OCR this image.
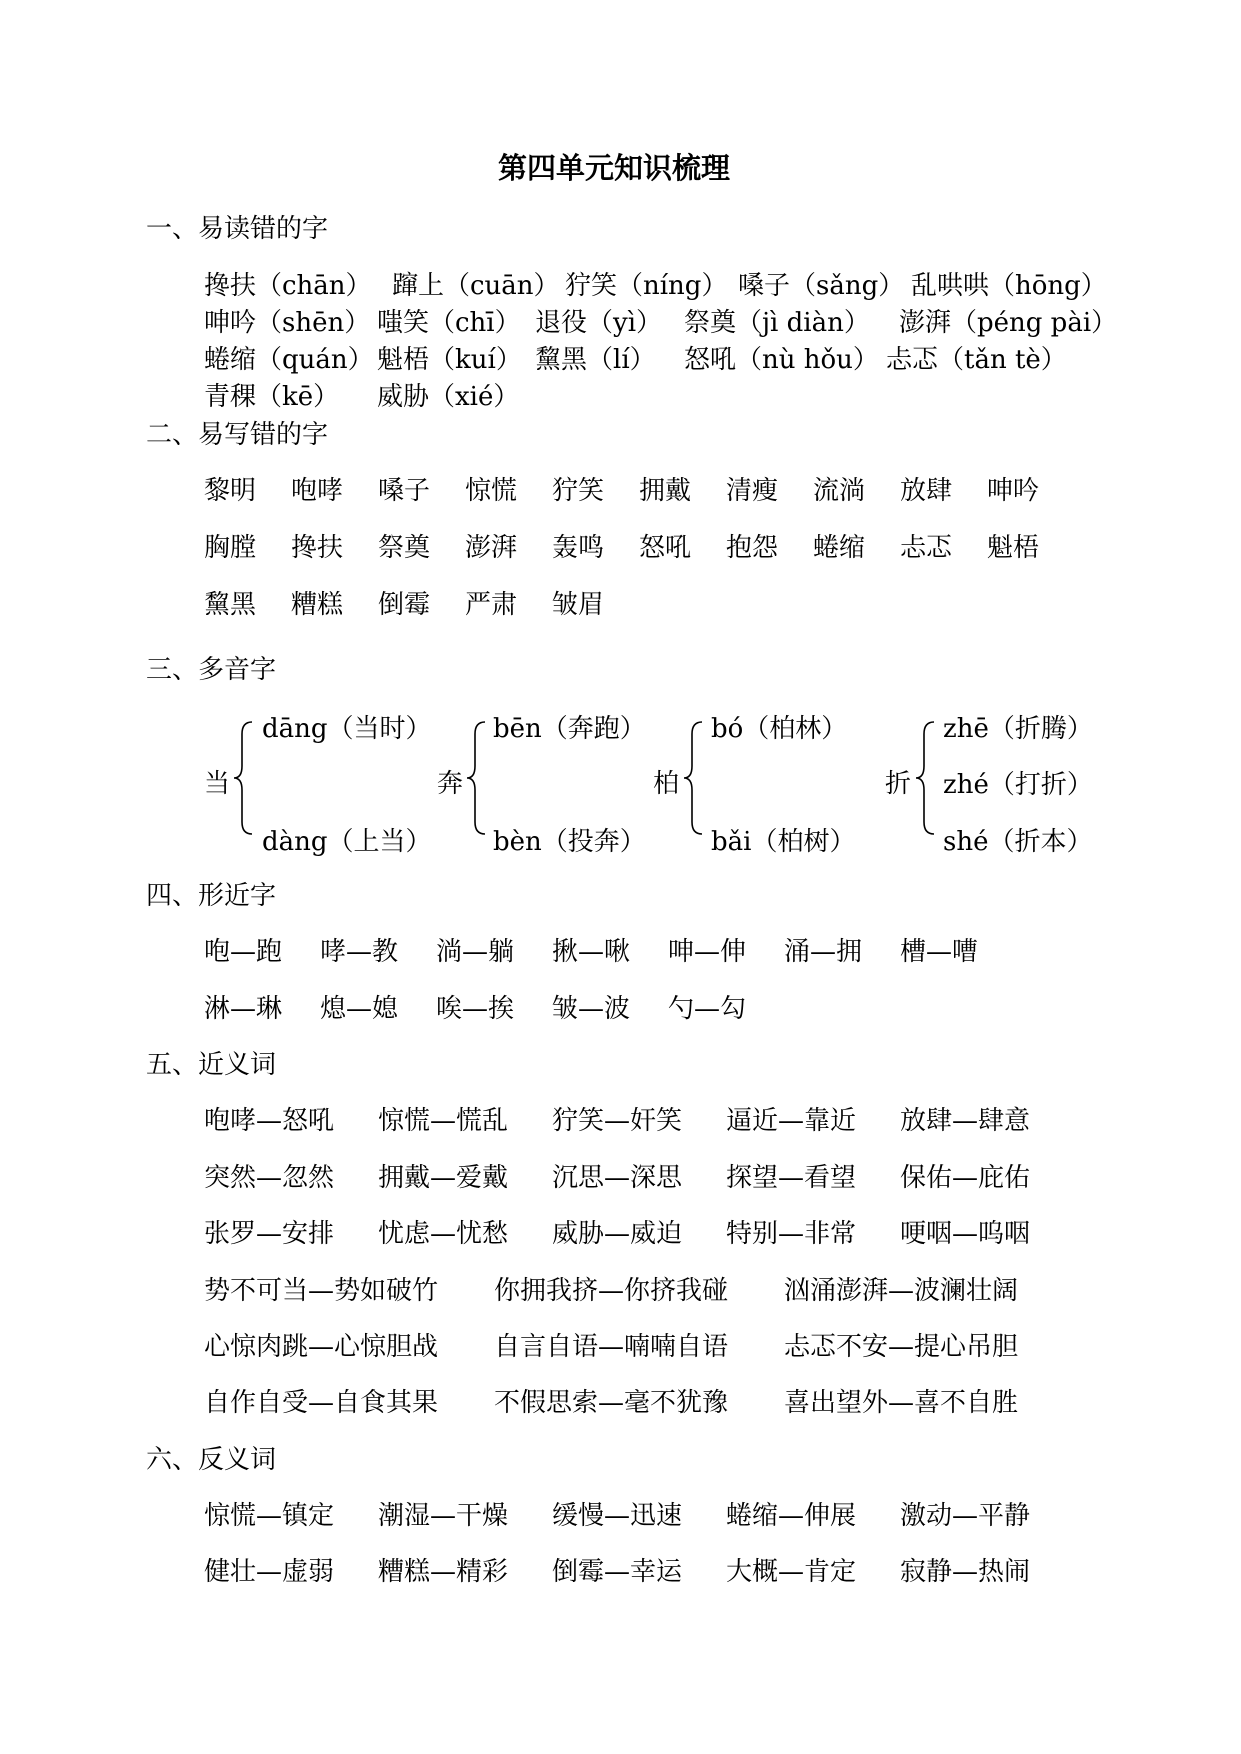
第四单元知识梳理
一、易读错的字
搀扶（chān） 蹿上（cuān） 狞笑（níng） 嗓子（sǎng） 乱哄哄（hōng）
呻吟（shēn） 嗤笑（chī） 退役（yì） 祭奠（jì diàn） 澎湃（péng pài）
蜷缩（quán） 魁梧（kuí） 黧黑（lí） 怒吼（nù hǒu） 忐忑（tǎn tè）
青稞（kē） 威胁（xié）
二、易写错的字
黎明 咆哮 嗓子 惊慌 狞笑 拥戴 清瘦 流淌 放肆 呻吟
胸膛 搀扶 祭奠 澎湃 轰鸣 怒吼 抱怨 蜷缩 忐忑 魁梧
黧黑 糟糕 倒霉 严肃 皱眉
三、多音字
当
dāng（当时）
dàng（上当）
奔
bēn（奔跑）
bèn（投奔）
柏
bó（柏林）
bǎi（柏树）
折
zhē（折腾）
zhé（打折）
shé（折本）
四、形近字
咆—跑 哮—教 淌—躺 揪—啾 呻—伸 涌—拥 槽—嘈
淋—琳 熄—媳 唉—挨 皱—波 勺—勾
五、近义词
咆哮—怒吼 惊慌—慌乱 狞笑—奸笑 逼近—靠近 放肆—肆意
突然—忽然 拥戴—爱戴 沉思—深思 探望—看望 保佑—庇佑
张罗—安排 忧虑—忧愁 威胁—威迫 特别—非常 哽咽—呜咽
势不可当—势如破竹 你拥我挤—你挤我碰 汹涌澎湃—波澜壮阔
心惊肉跳—心惊胆战 自言自语—喃喃自语 忐忑不安—提心吊胆
自作自受—自食其果 不假思索—毫不犹豫 喜出望外—喜不自胜
六、反义词
惊慌—镇定 潮湿—干燥 缓慢—迅速 蜷缩—伸展 激动—平静
健壮—虚弱 糟糕—精彩 倒霉—幸运 大概—肯定 寂静—热闹
